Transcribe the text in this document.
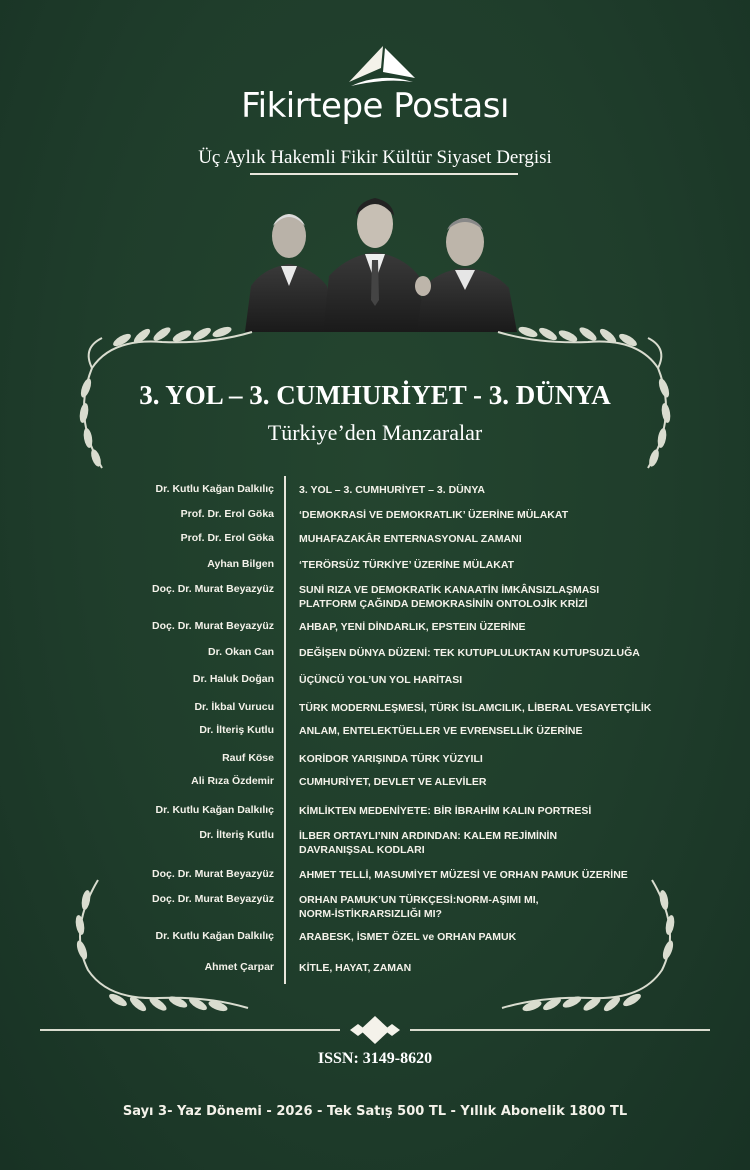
Fikirtepe Postası
Üç Aylık Hakemli Fikir Kültür Siyaset Dergisi
3. YOL – 3. CUMHURİYET - 3. DÜNYA
Türkiye’den Manzaralar
Dr. Kutlu Kağan Dalkılıç 3. YOL – 3. CUMHURİYET – 3. DÜNYA
Prof. Dr. Erol Göka ‘DEMOKRASİ VE DEMOKRATLIK’ ÜZERİNE MÜLAKAT
Prof. Dr. Erol Göka MUHAFAZAKÂR ENTERNASYONAL ZAMANI
Ayhan Bilgen ‘TERÖRSÜZ TÜRKİYE’ ÜZERİNE MÜLAKAT
Doç. Dr. Murat Beyazyüz SUNİ RIZA VE DEMOKRATİK KANAATİN İMKÂNSIZLAŞMASI
PLATFORM ÇAĞINDA DEMOKRASİNİN ONTOLOJİK KRİZİ
Doç. Dr. Murat Beyazyüz AHBAP, YENİ DİNDARLIK, EPSTEIN ÜZERİNE
Dr. Okan Can DEĞİŞEN DÜNYA DÜZENİ: TEK KUTUPLULUKTAN KUTUPSUZLUĞA
Dr. Haluk Doğan ÜÇÜNCÜ YOL’UN YOL HARİTASI
Dr. İkbal Vurucu TÜRK MODERNLEŞMESİ, TÜRK İSLAMCILIK, LİBERAL VESAYETÇİLİK
Dr. İlteriş Kutlu ANLAM, ENTELEKTÜELLER VE EVRENSELLİK ÜZERİNE
Rauf Köse KORİDOR YARIŞINDA TÜRK YÜZYILI
Ali Rıza Özdemir CUMHURİYET, DEVLET VE ALEVİLER
Dr. Kutlu Kağan Dalkılıç KİMLİKTEN MEDENİYETE: BİR İBRAHİM KALIN PORTRESİ
Dr. İlteriş Kutlu İLBER ORTAYLI’NIN ARDINDAN: KALEM REJİMİNİN
DAVRANIŞSAL KODLARI
Doç. Dr. Murat Beyazyüz AHMET TELLİ, MASUMİYET MÜZESİ VE ORHAN PAMUK ÜZERİNE
Doç. Dr. Murat Beyazyüz ORHAN PAMUK’UN TÜRKÇESİ:NORM-AŞIMI MI,
NORM-İSTİKRARSIZLIĞI MI?
Dr. Kutlu Kağan Dalkılıç ARABESK, İSMET ÖZEL ve ORHAN PAMUK
Ahmet Çarpar KİTLE, HAYAT, ZAMAN
ISSN: 3149-8620
Sayı 3- Yaz Dönemi - 2026 - Tek Satış 500 TL - Yıllık Abonelik 1800 TL
